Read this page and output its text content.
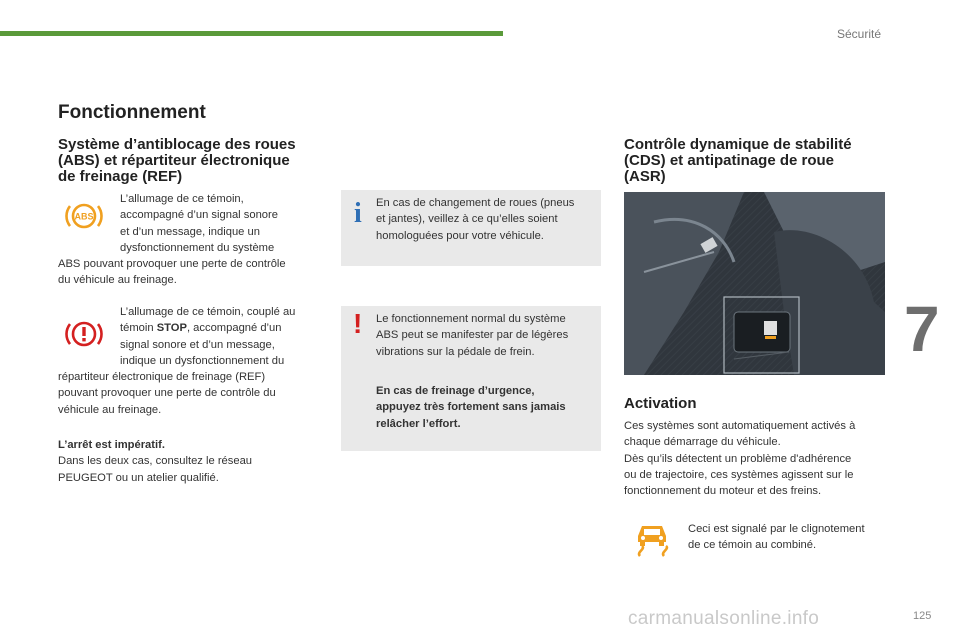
Sécurité
Fonctionnement
Système d’antiblocage des roues
(ABS) et répartiteur électronique
de freinage (REF)
ABS
L’allumage de ce témoin,
accompagné d’un signal sonore
et d’un message, indique un
dysfonctionnement du système
ABS pouvant provoquer une perte de contrôle
du véhicule au freinage.
L’allumage de ce témoin, couplé au
témoin STOP, accompagné d’un
signal sonore et d’un message,
indique un dysfonctionnement du
répartiteur électronique de freinage (REF)
pouvant provoquer une perte de contrôle du
véhicule au freinage.
L’arrêt est impératif.
Dans les deux cas, consultez le réseau
PEUGEOT ou un atelier qualifié.
i En cas de changement de roues (pneus
et jantes), veillez à ce qu’elles soient
homologuées pour votre véhicule.
! Le fonctionnement normal du système
ABS peut se manifester par de légères
vibrations sur la pédale de frein.
En cas de freinage d’urgence,
appuyez très fortement sans jamais
relâcher l’effort.
Contrôle dynamique de stabilité
(CDS) et antipatinage de roue
(ASR)
Activation
Ces systèmes sont automatiquement activés à
chaque démarrage du véhicule.
Dès qu’ils détectent un problème d'adhérence
ou de trajectoire, ces systèmes agissent sur le
fonctionnement du moteur et des freins.
Ceci est signalé par le clignotement
de ce témoin au combiné.
7
carmanualsonline.info	125
